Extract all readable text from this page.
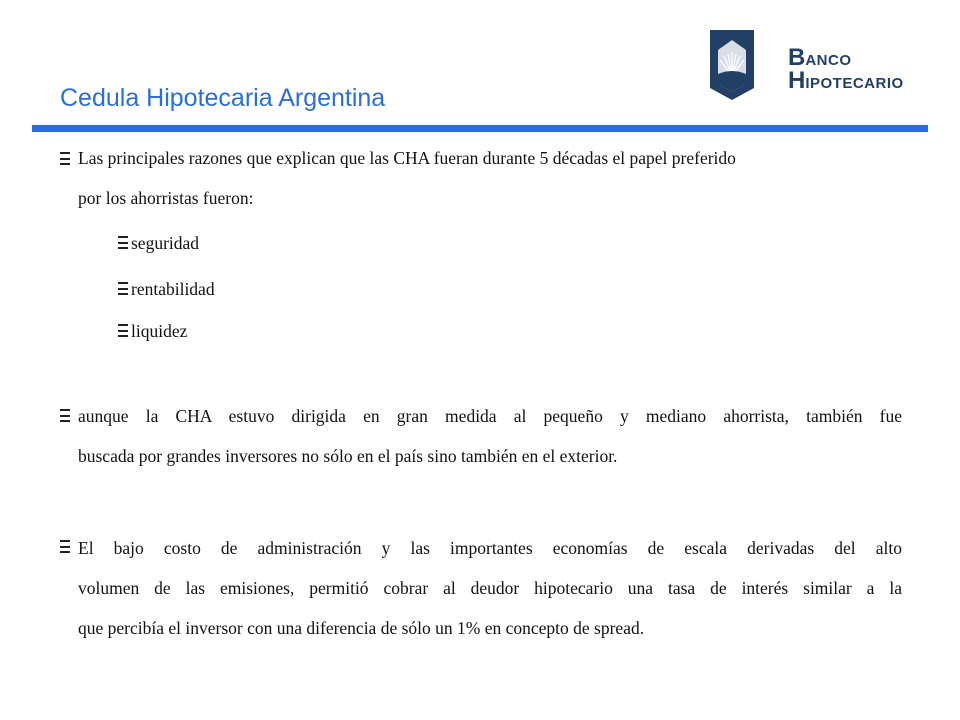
Cedula Hipotecaria Argentina
BANCO
HIPOTECARIO
Las principales razones que explican que las CHA fueran durante 5 décadas el papel preferido
por los ahorristas fueron:
seguridad
rentabilidad
liquidez
aunque la CHA estuvo dirigida en gran medida al pequeño y mediano ahorrista, también fue
buscada por grandes inversores no sólo en el país sino también en el exterior.
El bajo costo de administración y las importantes economías de escala derivadas del alto
volumen de las emisiones, permitió cobrar al deudor hipotecario una tasa de interés similar a la
que percibía el inversor con una diferencia de sólo un 1% en concepto de spread.
